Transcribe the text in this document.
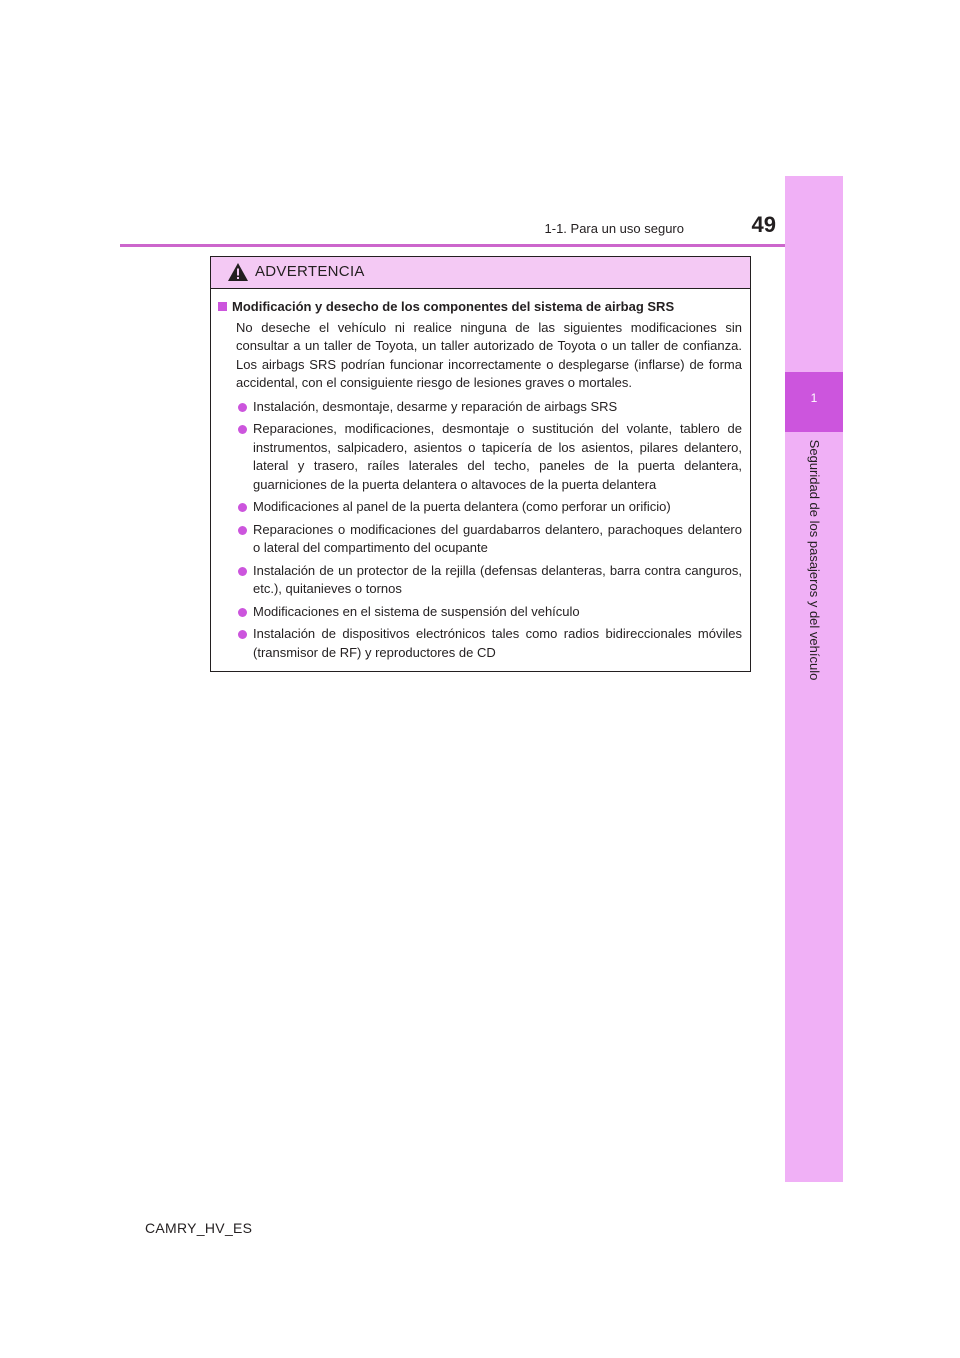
1-1. Para un uso seguro	49
1
Seguridad de los pasajeros y del vehículo
ADVERTENCIA
Modificación y desecho de los componentes del sistema de airbag SRS

No deseche el vehículo ni realice ninguna de las siguientes modificaciones sin consultar a un taller de Toyota, un taller autorizado de Toyota o un taller de confianza. Los airbags SRS podrían funcionar incorrectamente o desplegarse (inflarse) de forma accidental, con el consiguiente riesgo de lesiones graves o mortales.

Instalación, desmontaje, desarme y reparación de airbags SRS
Reparaciones, modificaciones, desmontaje o sustitución del volante, tablero de instrumentos, salpicadero, asientos o tapicería de los asientos, pilares delantero, lateral y trasero, raíles laterales del techo, paneles de la puerta delantera, guarniciones de la puerta delantera o altavoces de la puerta delantera
Modificaciones al panel de la puerta delantera (como perforar un orificio)
Reparaciones o modificaciones del guardabarros delantero, parachoques delantero o lateral del compartimento del ocupante
Instalación de un protector de la rejilla (defensas delanteras, barra contra canguros, etc.), quitanieves o tornos
Modificaciones en el sistema de suspensión del vehículo
Instalación de dispositivos electrónicos tales como radios bidireccionales móviles (transmisor de RF) y reproductores de CD
CAMRY_HV_ES
